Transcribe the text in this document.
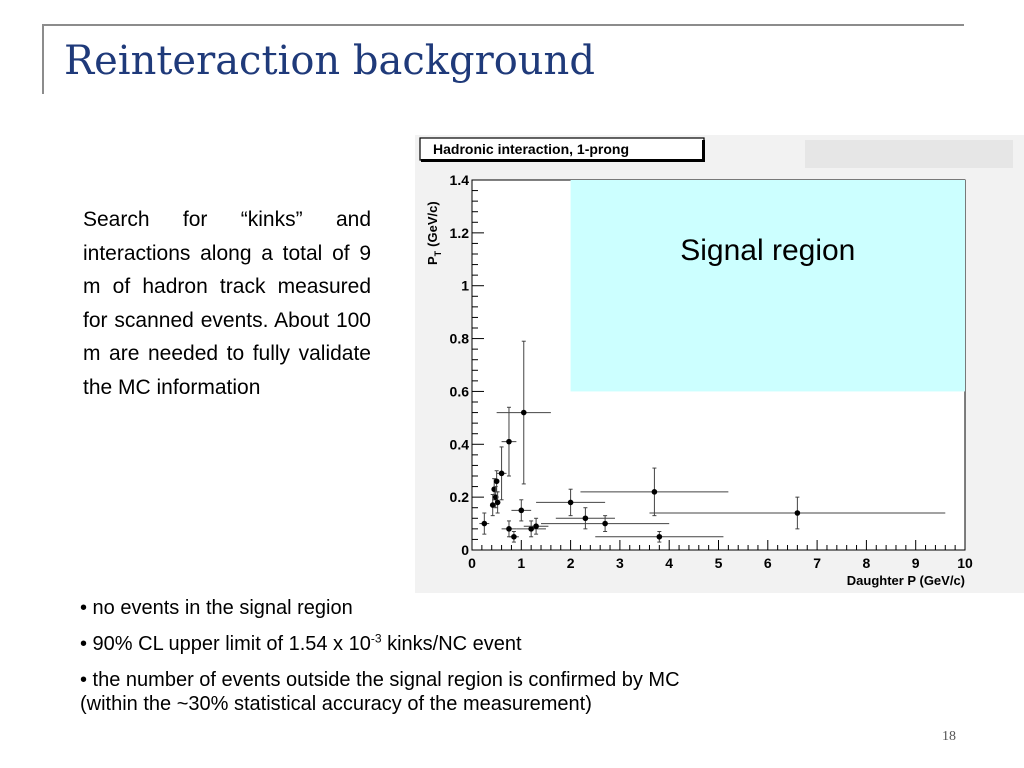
Reinteraction background
Search for “kinks” and interactions along a total of 9 m of hadron track measured for scanned events. About 100 m are needed to fully validate the MC information
Hadronic interaction, 1-prong
Signal region
0	1	2	3	4	5	6	7	8	9	10
0
0.2
0.4
0.6
0.8
1
1.2
1.4
Daughter P (GeV/c)
$P_T(GeV/c)$

• no events in the signal region

• 90% CL upper limit of 1.54 x $10^{-3}$ kinks/NC event

• the number of events outside the signal region is confirmed by MC
(within the ~30% statistical accuracy of the measurement)

18
